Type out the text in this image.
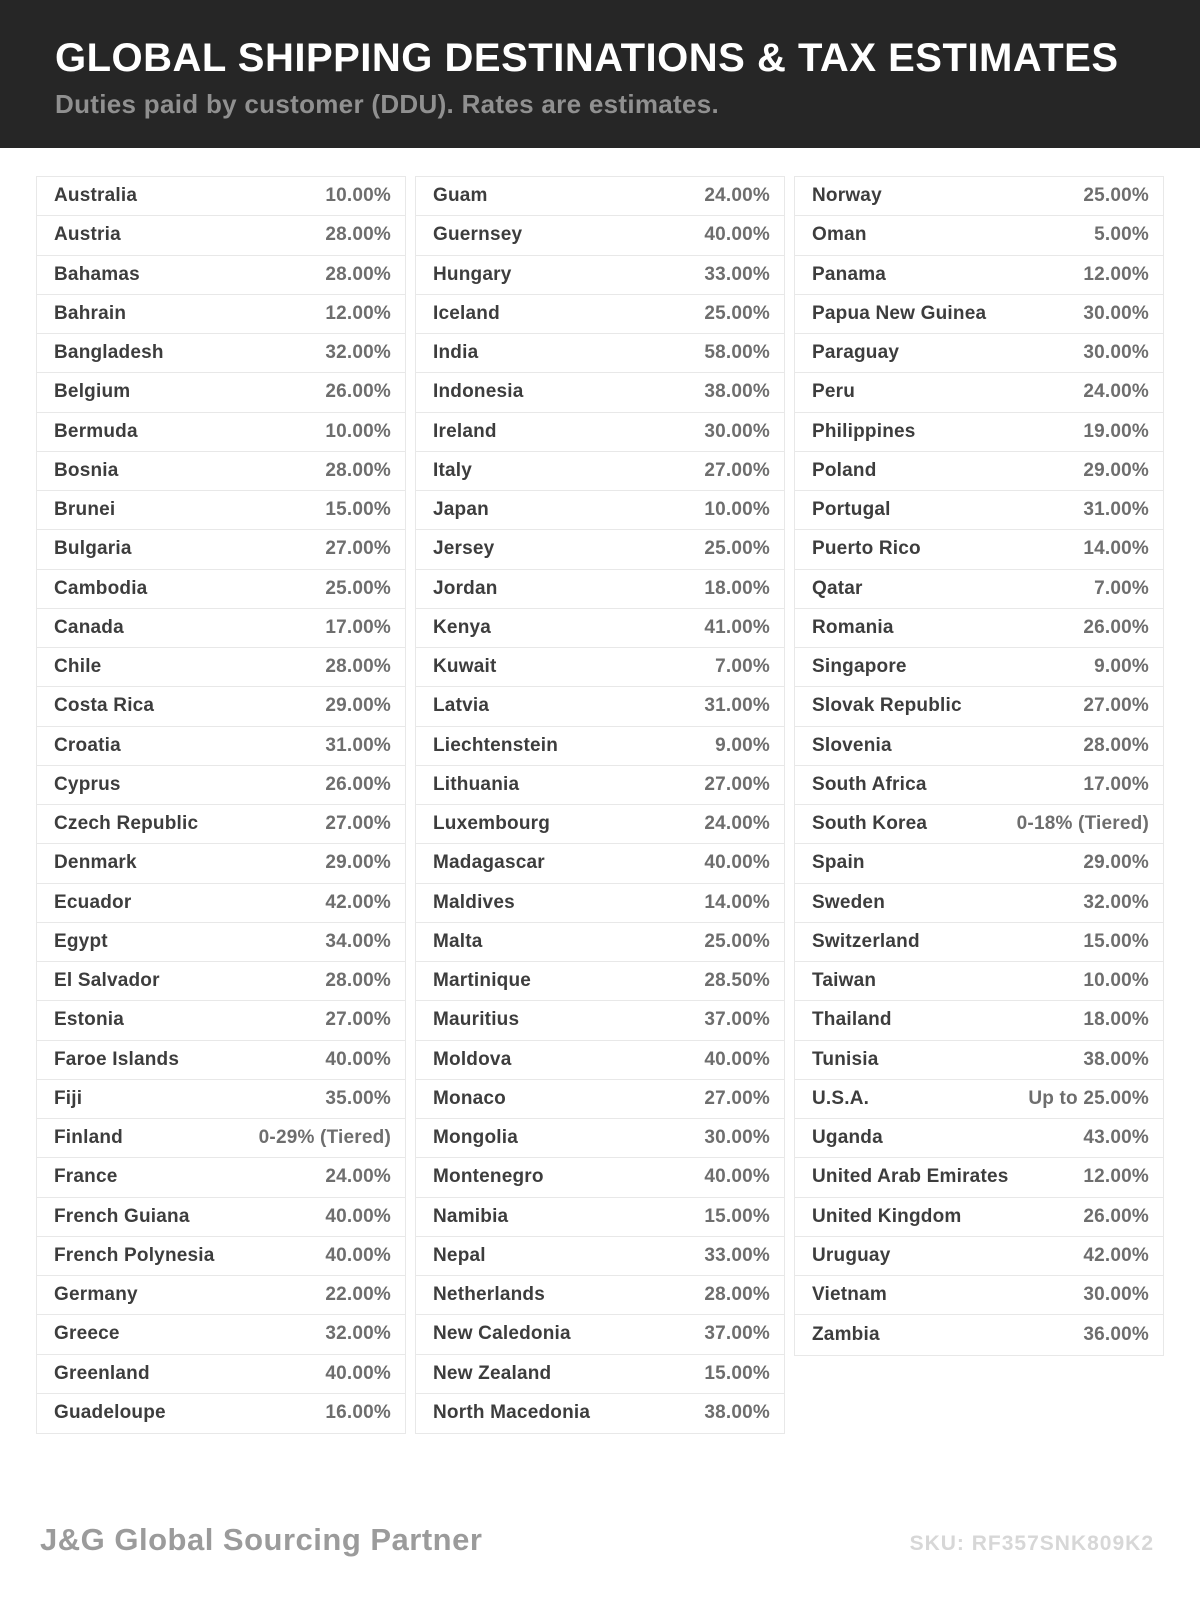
GLOBAL SHIPPING DESTINATIONS & TAX ESTIMATES

Duties paid by customer (DDU). Rates are estimates.

Australia	10.00%
Austria	28.00%
Bahamas	28.00%
Bahrain	12.00%
Bangladesh	32.00%
Belgium	26.00%
Bermuda	10.00%
Bosnia	28.00%
Brunei	15.00%
Bulgaria	27.00%
Cambodia	25.00%
Canada	17.00%
Chile	28.00%
Costa Rica	29.00%
Croatia	31.00%
Cyprus	26.00%
Czech Republic	27.00%
Denmark	29.00%
Ecuador	42.00%
Egypt	34.00%
El Salvador	28.00%
Estonia	27.00%
Faroe Islands	40.00%
Fiji	35.00%
Finland	0-29% (Tiered)
France	24.00%
French Guiana	40.00%
French Polynesia	40.00%
Germany	22.00%
Greece	32.00%
Greenland	40.00%
Guadeloupe	16.00%
Guam	24.00%
Guernsey	40.00%
Hungary	33.00%
Iceland	25.00%
India	58.00%
Indonesia	38.00%
Ireland	30.00%
Italy	27.00%
Japan	10.00%
Jersey	25.00%
Jordan	18.00%
Kenya	41.00%
Kuwait	7.00%
Latvia	31.00%
Liechtenstein	9.00%
Lithuania	27.00%
Luxembourg	24.00%
Madagascar	40.00%
Maldives	14.00%
Malta	25.00%
Martinique	28.50%
Mauritius	37.00%
Moldova	40.00%
Monaco	27.00%
Mongolia	30.00%
Montenegro	40.00%
Namibia	15.00%
Nepal	33.00%
Netherlands	28.00%
New Caledonia	37.00%
New Zealand	15.00%
North Macedonia	38.00%
Norway	25.00%
Oman	5.00%
Panama	12.00%
Papua New Guinea	30.00%
Paraguay	30.00%
Peru	24.00%
Philippines	19.00%
Poland	29.00%
Portugal	31.00%
Puerto Rico	14.00%
Qatar	7.00%
Romania	26.00%
Singapore	9.00%
Slovak Republic	27.00%
Slovenia	28.00%
South Africa	17.00%
South Korea	0-18% (Tiered)
Spain	29.00%
Sweden	32.00%
Switzerland	15.00%
Taiwan	10.00%
Thailand	18.00%
Tunisia	38.00%
U.S.A.	Up to 25.00%
Uganda	43.00%
United Arab Emirates	12.00%
United Kingdom	26.00%
Uruguay	42.00%
Vietnam	30.00%
Zambia	36.00%
J&G Global Sourcing Partner	SKU: RF357SNK809K2
